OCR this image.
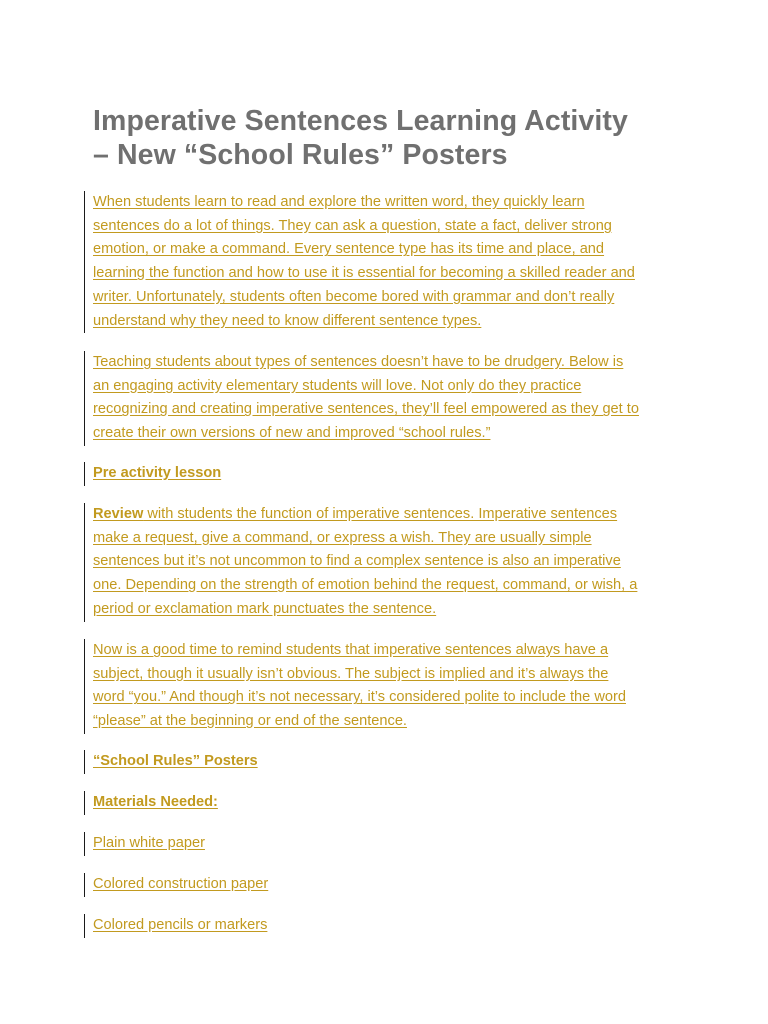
Imperative Sentences Learning Activity
– New “School Rules” Posters

When students learn to read and explore the written word, they quickly learn
sentences do a lot of things. They can ask a question, state a fact, deliver strong
emotion, or make a command. Every sentence type has its time and place, and
learning the function and how to use it is essential for becoming a skilled reader and
writer. Unfortunately, students often become bored with grammar and don’t really
understand why they need to know different sentence types.

Teaching students about types of sentences doesn’t have to be drudgery. Below is
an engaging activity elementary students will love. Not only do they practice
recognizing and creating imperative sentences, they’ll feel empowered as they get to
create their own versions of new and improved “school rules.”

Pre activity lesson

Review with students the function of imperative sentences. Imperative sentences
make a request, give a command, or express a wish. They are usually simple
sentences but it’s not uncommon to find a complex sentence is also an imperative
one. Depending on the strength of emotion behind the request, command, or wish, a
period or exclamation mark punctuates the sentence.

Now is a good time to remind students that imperative sentences always have a
subject, though it usually isn’t obvious. The subject is implied and it’s always the
word “you.” And though it’s not necessary, it’s considered polite to include the word
“please” at the beginning or end of the sentence.

“School Rules” Posters

Materials Needed:

Plain white paper

Colored construction paper

Colored pencils or markers
